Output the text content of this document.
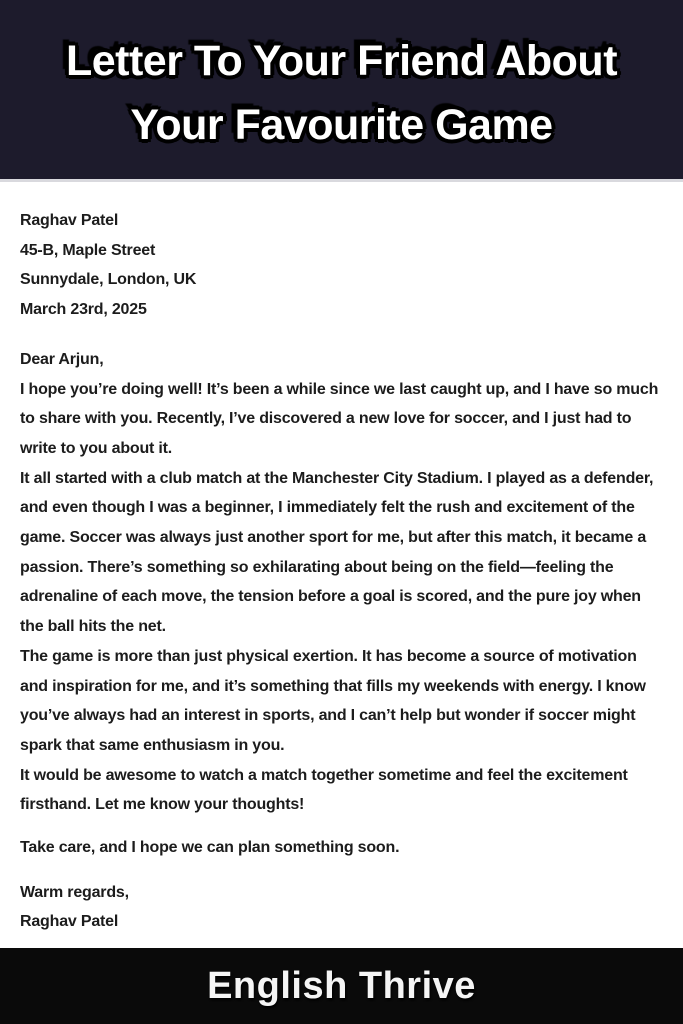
Letter To Your Friend About
Your Favourite Game
Raghav Patel
45-B, Maple Street
Sunnydale, London, UK
March 23rd, 2025
Dear Arjun,
I hope you’re doing well! It’s been a while since we last caught up, and I have so much to share with you. Recently, I’ve discovered a new love for soccer, and I just had to write to you about it.
It all started with a club match at the Manchester City Stadium. I played as a defender, and even though I was a beginner, I immediately felt the rush and excitement of the game. Soccer was always just another sport for me, but after this match, it became a passion. There’s something so exhilarating about being on the field—feeling the adrenaline of each move, the tension before a goal is scored, and the pure joy when the ball hits the net.
The game is more than just physical exertion. It has become a source of motivation and inspiration for me, and it’s something that fills my weekends with energy. I know you’ve always had an interest in sports, and I can’t help but wonder if soccer might spark that same enthusiasm in you.
It would be awesome to watch a match together sometime and feel the excitement firsthand. Let me know your thoughts!
Take care, and I hope we can plan something soon.
Warm regards,
Raghav Patel
English Thrive
